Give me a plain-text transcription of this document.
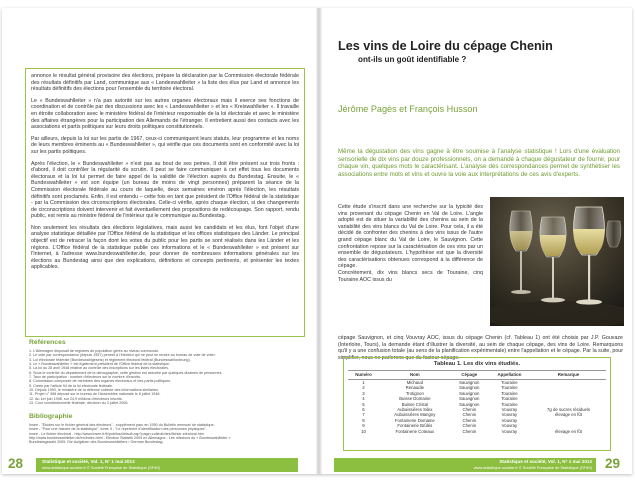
annonce le résultat général provisoire des élections, prépare la déclaration par la Commission électorale fédérale des résultats définitifs par Land, communique aux « Landeswahlleiter » la liste des élus par Land et annonce les résultats définitifs des élections pour l'ensemble du territoire électoral.

Le « Bundeswahlleiter » n'a pas autorité sur les autres organes électoraux mais il exerce ses fonctions de coordination et de contrôle par des discussions avec les « Landeswahlleiter » et les « Kreiswahlleiter ». Il travaille en étroite collaboration avec le ministère fédéral de l'intérieur responsable de la loi électorale et avec le ministère des affaires étrangères pour la participation des Allemands de l'étranger. Il entretient aussi des contacts avec les associations et partis politiques sur leurs droits politiques constitutionnels.

Par ailleurs, depuis la loi sur les partis de 1967, ceux-ci communiquent leurs statuts, leur programme et les noms de leurs membres éminents au « Bundeswahlleiter », qui vérifie que ces documents sont en conformité avec la loi sur les partis politiques.

Après l'élection, le « Bundeswahlleiter » n'est pas au bout de ses peines. Il doit être présent sur trois fronts : d'abord, il doit contrôler la régularité du scrutin. Il peut se faire communiquer à cet effet tous les documents électoraux et la loi lui permet de faire appel de la validité de l'élection auprès du Bundestag. Ensuite, le « Bundeswahlleiter » est son équipe (un bureau de moins de vingt personnes) préparent la séance de la Commission électorale fédérale au cours de laquelle, deux semaines environ après l'élection, les résultats définitifs sont proclamés. Enfin, il est entendu – cette fois en tant que président de l'Office fédéral de la statistique - par la Commission des circonscriptions électorales. Celle-ci vérifie, après chaque élection, si des changements de circonscriptions doivent intervenir et fait éventuellement des propositions de redécoupage. Son rapport, rendu public, est remis au ministre fédéral de l'intérieur qui le communique au Bundestag.

Non seulement les résultats des élections législatives, mais aussi les candidats et les élus, font l'objet d'une analyse statistique détaillée par l'Office fédéral de la statistique et les offices statistiques des Länder. Le principal objectif est de retracer la façon dont les votes du public pour les partis se sont réalisés dans les Länder et les régions. L'Office fédéral de la statistique publie ces informations et le « Bundeswahlleiter » est présent sur l'Internet, à l'adresse www.bundeswahlleiter.de, pour donner de nombreuses informations générales sur les élections au Bundestag ainsi que des explications, définitions et concepts pertinents, et présenter les textes applicables.

Références
1. L'Allemagne disposait de registres de population gérés au niveau communal.
2. Le vote par correspondance (depuis 1957) permet à l'électeur qui ne peut se rendre au bureau de vote de voter.
3. Loi électorale fédérale (Bundeswahlgesetz) et règlement électoral fédéral (Bundeswahlordnung).
4. Le « Bundeswahlleiter » est également président de l'Office fédéral de la statistique.
5. La loi du 28 avril 1948 relative au contrôle des inscriptions sur les listes électorales.
6. Sous le contrôle du département de la démographie, cette gestion est assurée par quelques dizaines de personnes.
7. Taux de participation : nombre d'électeurs sur le nombre d'inscrits.
8. Commission composée de membres des organes électoraux et des partis politiques.
9. Créée par l'article 54 de la loi électorale fédérale.
10. Depuis 1993, le ministère de la défense collecte des informations similaires.
11. Projet n° 958 déposé sur le bureau de l'Assemblée nationale le 8 juillet 1948.
12. Au 1er juin 1998, sur 24,9 millions d'électeurs inscrits.
13. Cour constitutionnelle fédérale, décision du 3 juillet 2008.
Bibliographie
Insee - "Études sur le fichier général des électeurs" - supplément paru en 1950 du Bulletin mensuel de statistique.
Insee - "Pour une histoire de la statistique", tome II - "Le répertoire d'identification des personnes physiques".
Insee - Le fichier électoral - http://www.insee.fr/fr/publics/default.asp?page=collectivites/fichier-electoral.htm
http://www.bundeswahlleiter.de/en/index.html - Election Statistik 2009 en Allemagne - Les missions du « Bundeswahlleiter »
Bundestagswahl 2005. Die Aufgaben des Bundeswahlleiters / German Bundestag.
28	Statistique et société, Vol. 1, N° 1 mai 2013
www.statistique-societe.fr © Société Française de Statistique (SFdS)
Les vins de Loire du cépage Chenin
ont-ils un goût identifiable ?
Jérôme Pagès et François Husson
Même la dégustation des vins gagne à être soumise à l'analyse statistique ! Lors d'une évaluation sensorielle de dix vins par douze professionnels, on a demandé à chaque dégustateur de fournir, pour chaque vin, quelques mots le caractérisant. L'analyse des correspondances permet de synthétiser les associations entre mots et vins et ouvre la voie aux interprétations de ces avis d'experts.

Cette étude s'inscrit dans une recherche sur la typicité des vins provenant du cépage Chenin en Val de Loire. L'angle adopté est de situer la variabilité des chenins au sein de la variabilité des vins blancs du Val de Loire. Pour cela, il a été décidé de confronter des chenins à des vins issus de l'autre grand cépage blanc du Val de Loire, le Sauvignon. Cette confrontation repose sur la caractérisation de ces vins par un ensemble de dégustateurs. L'hypothèse est que la diversité des caractérisations obtenues correspond à la différence de cépage.

Concrètement, dix vins blancs secs de Touraine, cinq Touraine AOC issus du

cépage Sauvignon, et cinq Vouvray AOC, issus du cépage Chenin (cf. Tableau 1) ont été choisis par J.P. Gouvaze (Interloire, Tours), la demande étant d'illustrer la diversité, au sein de chaque cépage, des vins de Loire. Remarquons qu'il y a une confusion totale (au sens de la planification expérimentale) entre l'appellation et le cépage. Par la suite, pour simplifier, nous ne parlerons que du facteur cépage.

Tableau 1. Les dix vins étudiés.
Numéro	Nom	Cépage	Appellation	Remarque
1	Michaud	Sauvignon	Touraine	
2	Renaudie	Sauvignon	Touraine	
3	Trotignon	Sauvignon	Touraine	
4	Buisse Domaine	Sauvignon	Touraine	
5	Buisse Cristal	Sauvignon	Touraine	
6	Aubuissières Silex	Chenin	Vouvray	7g de sucres résiduels
7	Aubuissières Marigny	Chenin	Vouvray	élevage en fût
8	Fontainerie Domaine	Chenin	Vouvray	
9	Fontainerie Brûlés	Chenin	Vouvray	
10	Fontainerie Coteaux	Chenin	Vouvray	élevage en fût
Statistique et société, Vol. 1, N° 1 mai 2013
www.statistique-societe.fr © Société Française de Statistique (SFdS) 29
